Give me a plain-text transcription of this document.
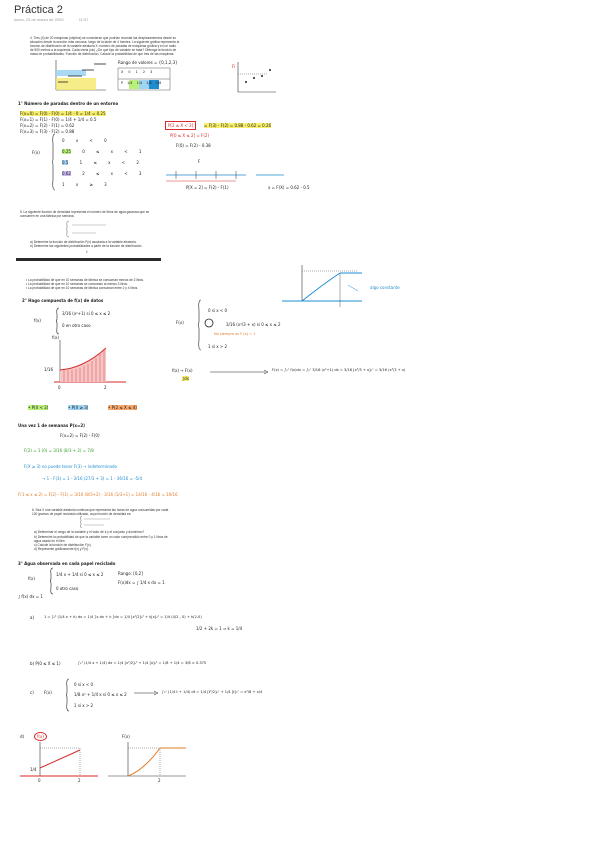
Práctica 2
lunes, 23 de marzo de 2020	11:57
4. Tres (4) de 20 máquinas (objetos) se consideran que podrían recostar las desplazamientos desde su situación desde la sección más cercana, luego de la tarde de 4 fuentes. La siguiente gráfica representa la función de distribución de la variable aleatoria X: número de paradas de máquinas grúfica y en un radio de 500 metros a la izquierda. Cada cierta (sic) ¿De qué tipo de variable se trata? Obtenga la función de masa de probabilidades. Función de distribución. Calcule la probabilidad de que tres de las máquinas.
Rango de valores = {0,1,2,3}
X 0 1 2 3
P 1/4 1/4 1/8 3/8
Fi
1° Número de paradas dentro de un entorno
F(x=0) = F(0) - F(0) = 1/4 - 0 = 1/4 = 0.25
F(x=1) = F(1) - F(0) = 1/4 + 1/4 = 0.5
F(x=2) = F(2) - F(1) = 0.62
F(x=3) = F(3) - F(2) = 0.88
F(x)
0	x < 0
0.25	0 ≤ x < 1
0.5	1 ≤ x < 2
0.62	2 ≤ x < 3
1	x ≥ 3
P[2 ≤ X < 3]	= F(3) - F(2) = 0.88 - 0.62 = 0.26
P[0 ≤ X ≤ 2] = F(2)
F(0) = F(2) - 0.38
F
P[X = 2] = F(2) - F(1)	x = F(X) = 0.62 - 0.5
5. La siguiente función de densidad representa el número de litros de agua gaseosa que se consumen en una fábrica por semana.
a) Determine la función de distribución F(x) asociada a la variable aleatoria.
b) Determine las siguientes probabilidades a partir de la función de distribución.
1
• La probabilidad de que en 10 semanas de fábrica se consuman menos de 2 litros.
• La probabilidad de que en 10 semanas se consuman al menos 3 litros.
• La probabilidad de que en 10 semanas de fábrica consuman entre 2 y 4 litros.	algo constante
2° Hago compuesta de f(x) de datos
f(x)
3/16 (x²+1) si 0 ≤ x ≤ 2
0 en otro caso
f(x)
1/16
0	2
F(x)
0 si x < 0
3/16 (x³/3 + x) si 0 ≤ x ≤ 2
No siempre es F (x) = 1
1 si x > 2
f(x) → F(x)
∫dx
F(x) = ∫₀ˣ f(x)dx = ∫₀ˣ 3/16 (x²+1) dx = 3/16 [x³/3 + x]₀ˣ = 3/16 (x³/3 + x)
• P(X < 2)	• P(X ≥ 3)	• P(2 ≤ X ≤ 4)
Una vez 1 de semanas P(x=2)
F(x=2) = F(2) - F(0)
F(2) = 1 (0) = 3/16 (8/3 + 2) = 7/8
F(X ≥ 3) no puede tener F(3) → indeterminado
→ 1 - F(3) = 1 - 3/16 (27/3 + 3) = 1 - 36/16 = -5/4
F(1 ≤ x ≤ 2) = F(2) - F(1) = 3/16 (8/3+2) - 3/16 (1/3+1) = 14/16 - 4/16 = 10/16
6. Sea X una variable aleatoria continua que representa las horas de agua consumidas por cada 100 gramos de papel reciclado utilizado, cuya función de densidad es:
a) Determinar el rango de la variable y el valor de k y el conjunto y domínimo?
b) Determine la probabilidad de que la variable tome un valor comprendido entre 0 y 1 litros de agua usado en el litro.
c) Calcule la función de distribución F(x).
d) Represente gráficamente f(x) y F(x).
3° Agua observada en cada papel reciclado
f(x)
1/4 x + 1/4 si 0 ≤ x ≤ 2
0 otro caso
Rango: [0,2]
F(x)dx = ∫ 1/4 x dx = 1
∫ f(x) dx = 1
a)	1 = ∫₀² (1/4 x + k) dx = 1/4 ∫x dx + k ∫dx = 1/4 [x²/2]₀² + k[x]₀² = 1/4 (4/2 - 0) + k(2-0)
1/2 + 2k = 1 ⇒ k = 1/4
b) P(0 ≤ X ≤ 1)	∫₀¹ (1/4 x + 1/4) dx = 1/4 [x²/2]₀¹ + 1/4 [x]₀¹ = 1/8 + 1/4 = 3/8 ≈ 0.375
c)	F(x)
0 si x < 0
1/8 x² + 1/4 x si 0 ≤ x ≤ 2
1 si x > 2
∫₀ˣ (1/4 t + 1/4) dt = 1/4 [t²/2]₀ˣ + 1/4 [t]₀ˣ = x²/8 + x/4
d)	f(x)
1/4
0	2
F(x)
2
